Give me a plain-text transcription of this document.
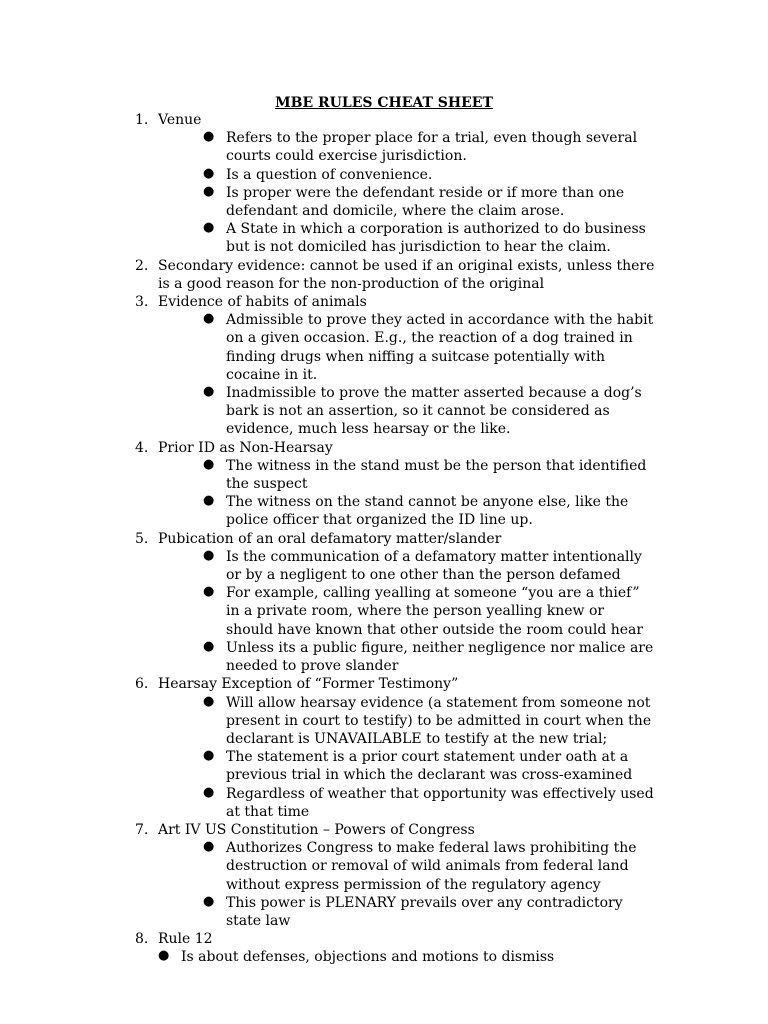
MBE RULES CHEAT SHEET
1. Venue
● Refers to the proper place for a trial, even though several courts could exercise jurisdiction.
● Is a question of convenience.
● Is proper were the defendant reside or if more than one defendant and domicile, where the claim arose.
● A State in which a corporation is authorized to do business but is not domiciled has jurisdiction to hear the claim.
2. Secondary evidence: cannot be used if an original exists, unless there is a good reason for the non-production of the original
3. Evidence of habits of animals
● Admissible to prove they acted in accordance with the habit on a given occasion. E.g., the reaction of a dog trained in finding drugs when niffing a suitcase potentially with cocaine in it.
● Inadmissible to prove the matter asserted because a dog’s bark is not an assertion, so it cannot be considered as evidence, much less hearsay or the like.
4. Prior ID as Non-Hearsay
● The witness in the stand must be the person that identified the suspect
● The witness on the stand cannot be anyone else, like the police officer that organized the ID line up.
5. Pubication of an oral defamatory matter/slander
● Is the communication of a defamatory matter intentionally or by a negligent to one other than the person defamed
● For example, calling yealling at someone “you are a thief” in a private room, where the person yealling knew or should have known that other outside the room could hear
● Unless its a public figure, neither negligence nor malice are needed to prove slander
6. Hearsay Exception of “Former Testimony”
● Will allow hearsay evidence (a statement from someone not present in court to testify) to be admitted in court when the declarant is UNAVAILABLE to testify at the new trial;
● The statement is a prior court statement under oath at a previous trial in which the declarant was cross-examined
● Regardless of weather that opportunity was effectively used at that time
7. Art IV US Constitution – Powers of Congress
● Authorizes Congress to make federal laws prohibiting the destruction or removal of wild animals from federal land without express permission of the regulatory agency
● This power is PLENARY prevails over any contradictory state law
8. Rule 12
● Is about defenses, objections and motions to dismiss
